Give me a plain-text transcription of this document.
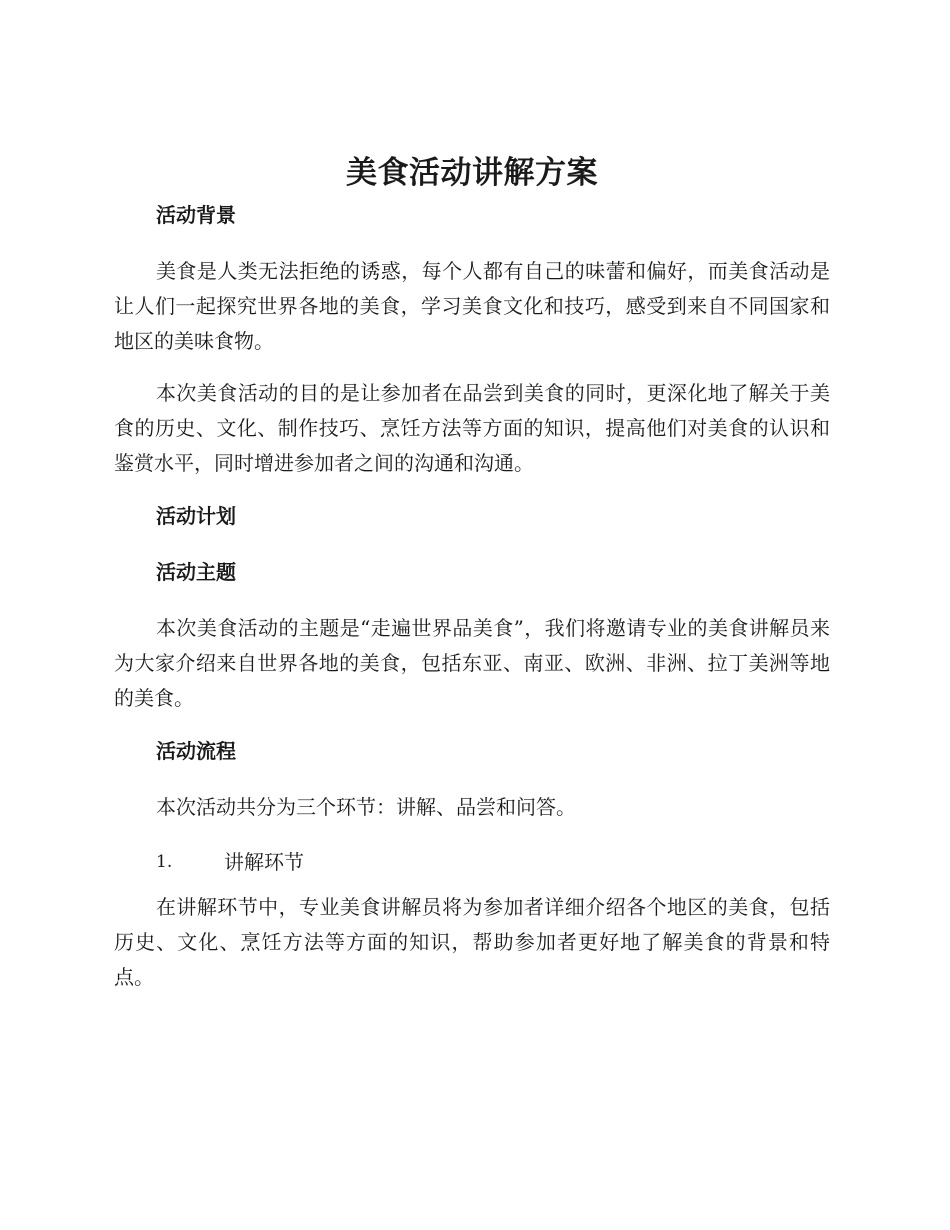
美食活动讲解方案
活动背景

美食是人类无法拒绝的诱惑，每个人都有自己的味蕾和偏好，而美食活动是让人们一起探究世界各地的美食，学习美食文化和技巧，感受到来自不同国家和地区的美味食物。

本次美食活动的目的是让参加者在品尝到美食的同时，更深化地了解关于美食的历史、文化、制作技巧、烹饪方法等方面的知识，提高他们对美食的认识和鉴赏水平，同时增进参加者之间的沟通和沟通。

活动计划
活动主题

本次美食活动的主题是“走遍世界品美食”，我们将邀请专业的美食讲解员来为大家介绍来自世界各地的美食，包括东亚、南亚、欧洲、非洲、拉丁美洲等地的美食。

活动流程

本次活动共分为三个环节：讲解、品尝和问答。

1.	讲解环节

在讲解环节中，专业美食讲解员将为参加者详细介绍各个地区的美食，包括历史、文化、烹饪方法等方面的知识，帮助参加者更好地了解美食的背景和特点。
